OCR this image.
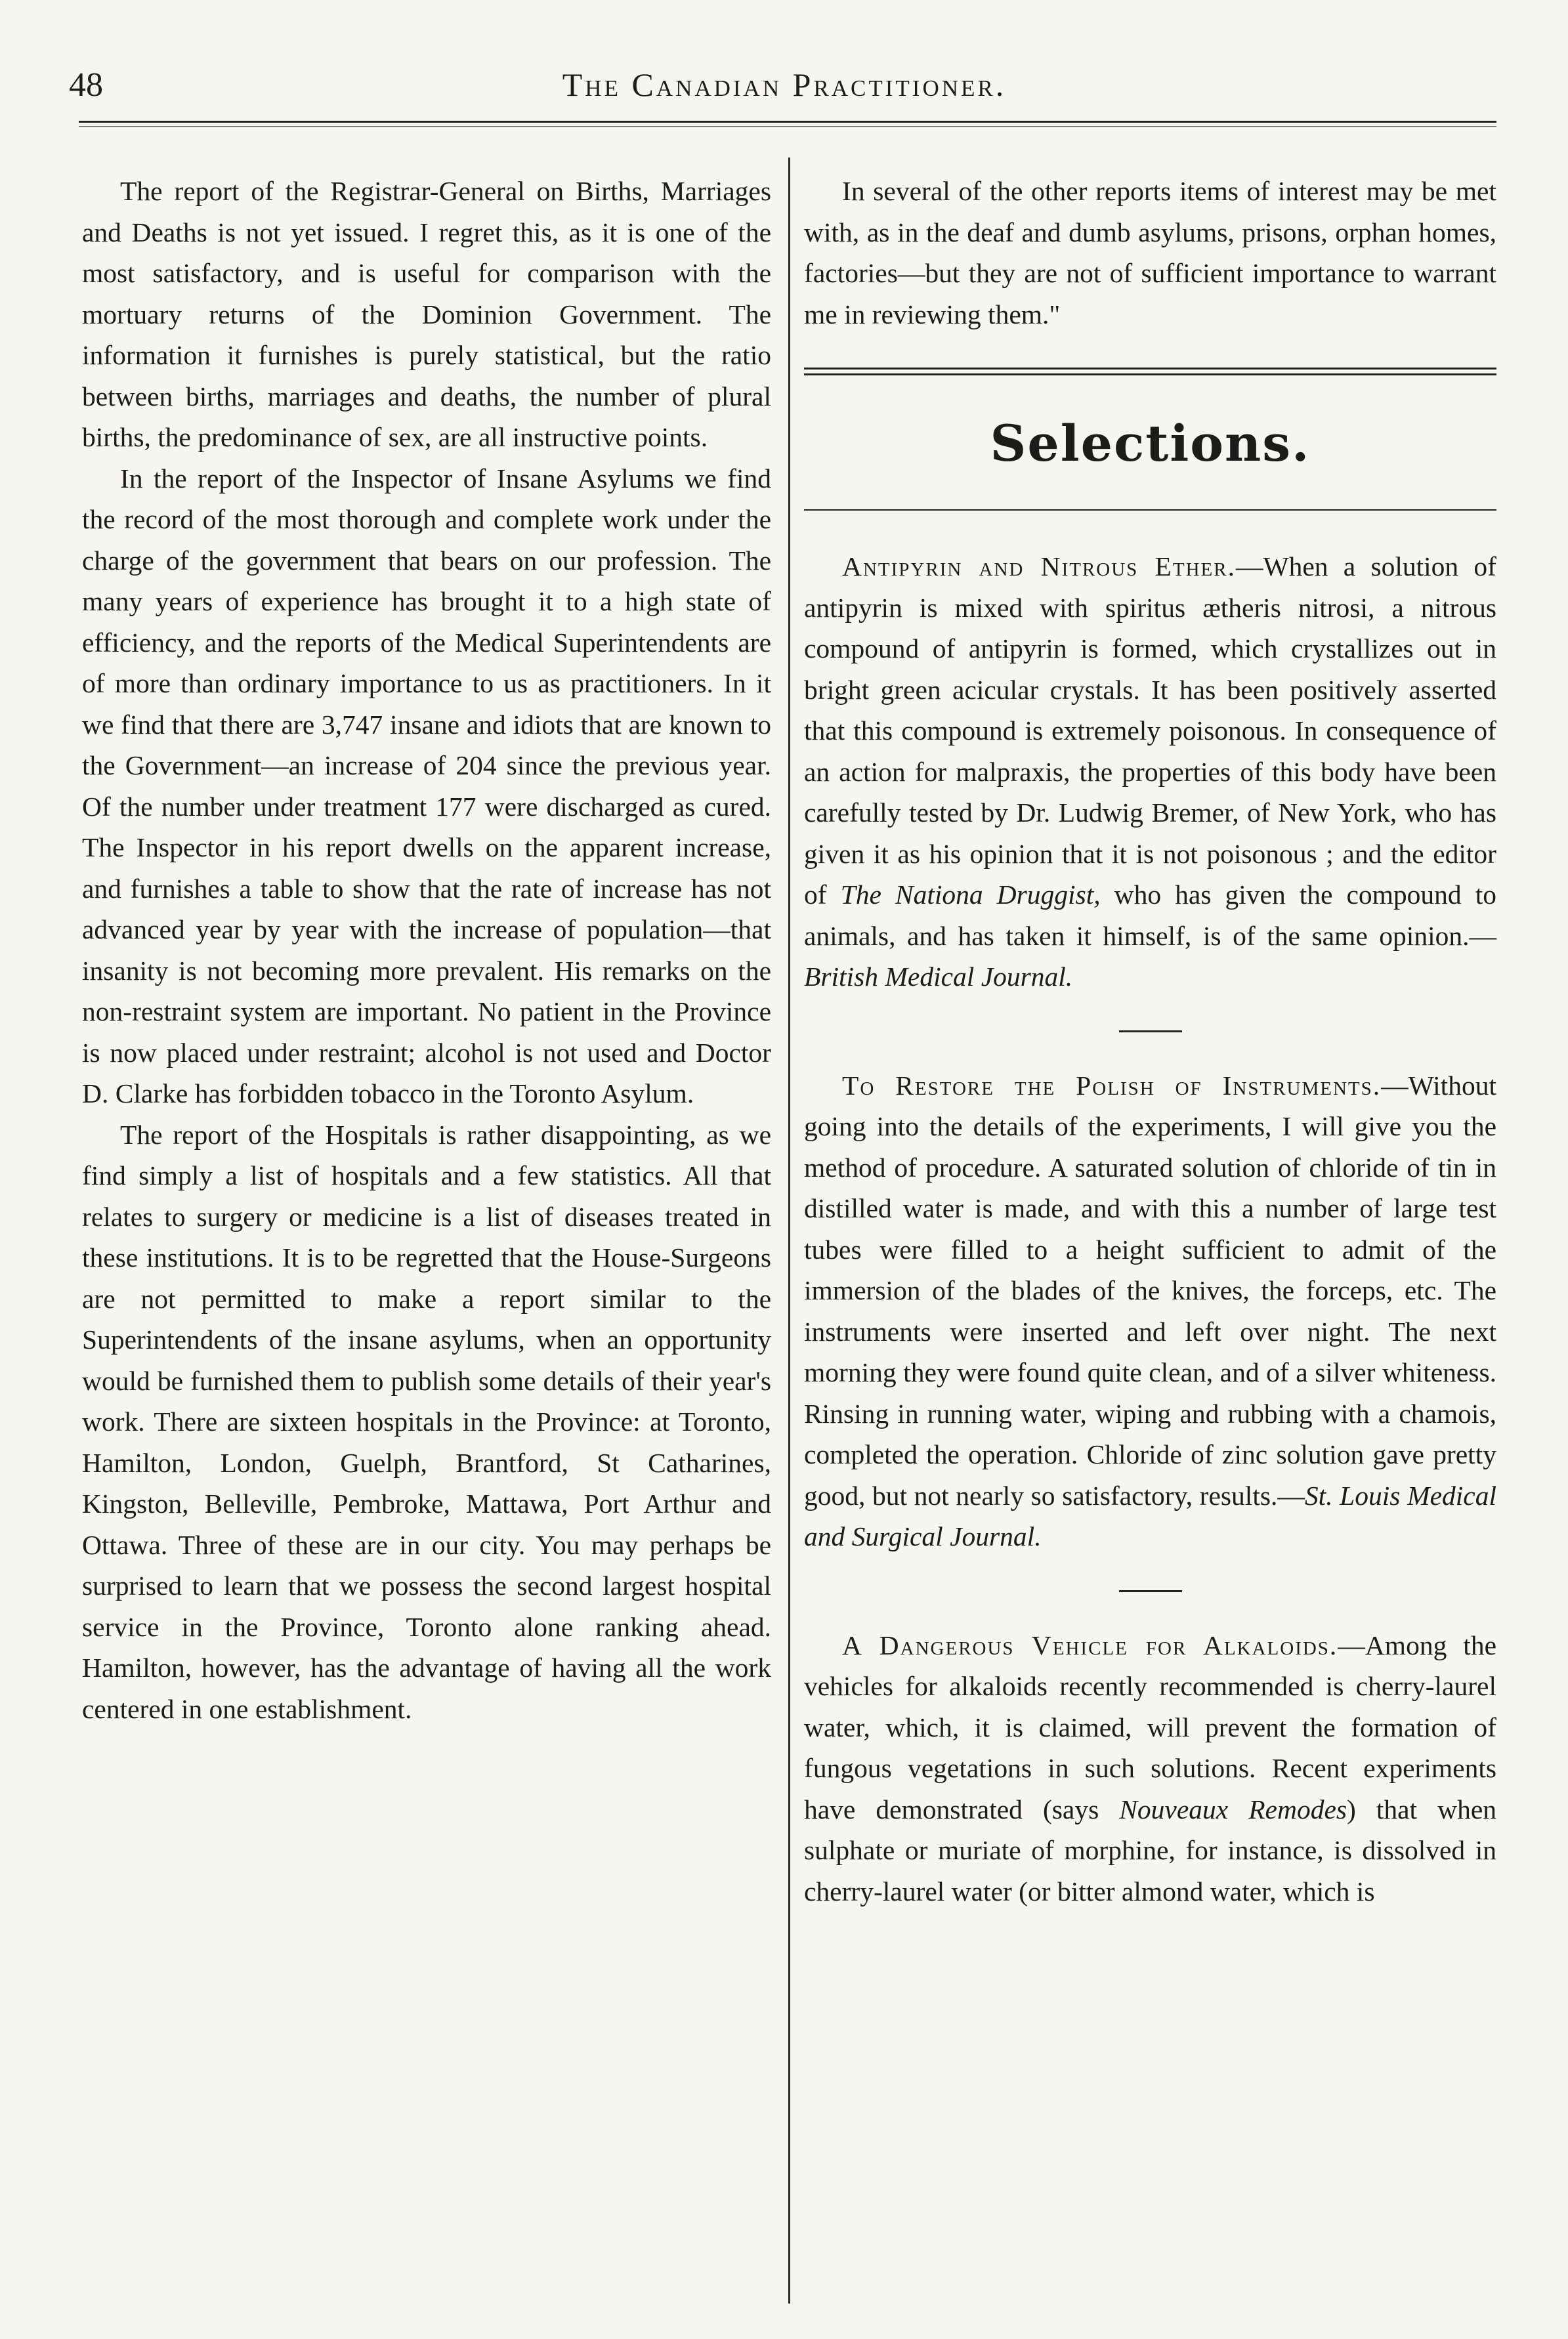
48	The Canadian Practitioner.

The report of the Registrar-General on Births, Marriages and Deaths is not yet issued. I regret this, as it is one of the most satisfactory, and is useful for comparison with the mortuary returns of the Dominion Government. The information it furnishes is purely statistical, but the ratio between births, marriages and deaths, the number of plural births, the predominance of sex, are all instructive points.

In the report of the Inspector of Insane Asylums we find the record of the most thorough and complete work under the charge of the government that bears on our profession. The many years of experience has brought it to a high state of efficiency, and the reports of the Medical Superintendents are of more than ordinary importance to us as practitioners. In it we find that there are 3,747 insane and idiots that are known to the Government—an increase of 204 since the previous year. Of the number under treatment 177 were discharged as cured. The Inspector in his report dwells on the apparent increase, and furnishes a table to show that the rate of increase has not advanced year by year with the increase of population—that insanity is not becoming more prevalent. His remarks on the non-restraint system are important. No patient in the Province is now placed under restraint; alcohol is not used and Doctor D. Clarke has forbidden tobacco in the Toronto Asylum.

The report of the Hospitals is rather disappointing, as we find simply a list of hospitals and a few statistics. All that relates to surgery or medicine is a list of diseases treated in these institutions. It is to be regretted that the House-Surgeons are not permitted to make a report similar to the Superintendents of the insane asylums, when an opportunity would be furnished them to publish some details of their year's work. There are sixteen hospitals in the Province: at Toronto, Hamilton, London, Guelph, Brantford, St Catharines, Kingston, Belleville, Pembroke, Mattawa, Port Arthur and Ottawa. Three of these are in our city. You may perhaps be surprised to learn that we possess the second largest hospital service in the Province, Toronto alone ranking ahead. Hamilton, however, has the advantage of having all the work centered in one establishment.

In several of the other reports items of interest may be met with, as in the deaf and dumb asylums, prisons, orphan homes, factories—but they are not of sufficient importance to warrant me in reviewing them."

Selections.

Antipyrin and Nitrous Ether.—When a solution of antipyrin is mixed with spiritus ætheris nitrosi, a nitrous compound of antipyrin is formed, which crystallizes out in bright green acicular crystals. It has been positively asserted that this compound is extremely poisonous. In consequence of an action for malpraxis, the properties of this body have been carefully tested by Dr. Ludwig Bremer, of New York, who has given it as his opinion that it is not poisonous ; and the editor of The Nationa Druggist, who has given the compound to animals, and has taken it himself, is of the same opinion.—British Medical Journal.

To Restore the Polish of Instruments.—Without going into the details of the experiments, I will give you the method of procedure. A saturated solution of chloride of tin in distilled water is made, and with this a number of large test tubes were filled to a height sufficient to admit of the immersion of the blades of the knives, the forceps, etc. The instruments were inserted and left over night. The next morning they were found quite clean, and of a silver whiteness. Rinsing in running water, wiping and rubbing with a chamois, completed the operation. Chloride of zinc solution gave pretty good, but not nearly so satisfactory, results.—St. Louis Medical and Surgical Journal.

A Dangerous Vehicle for Alkaloids.—Among the vehicles for alkaloids recently recommended is cherry-laurel water, which, it is claimed, will prevent the formation of fungous vegetations in such solutions. Recent experiments have demonstrated (says Nouveaux Remodes) that when sulphate or muriate of morphine, for instance, is dissolved in cherry-laurel water (or bitter almond water, which is
